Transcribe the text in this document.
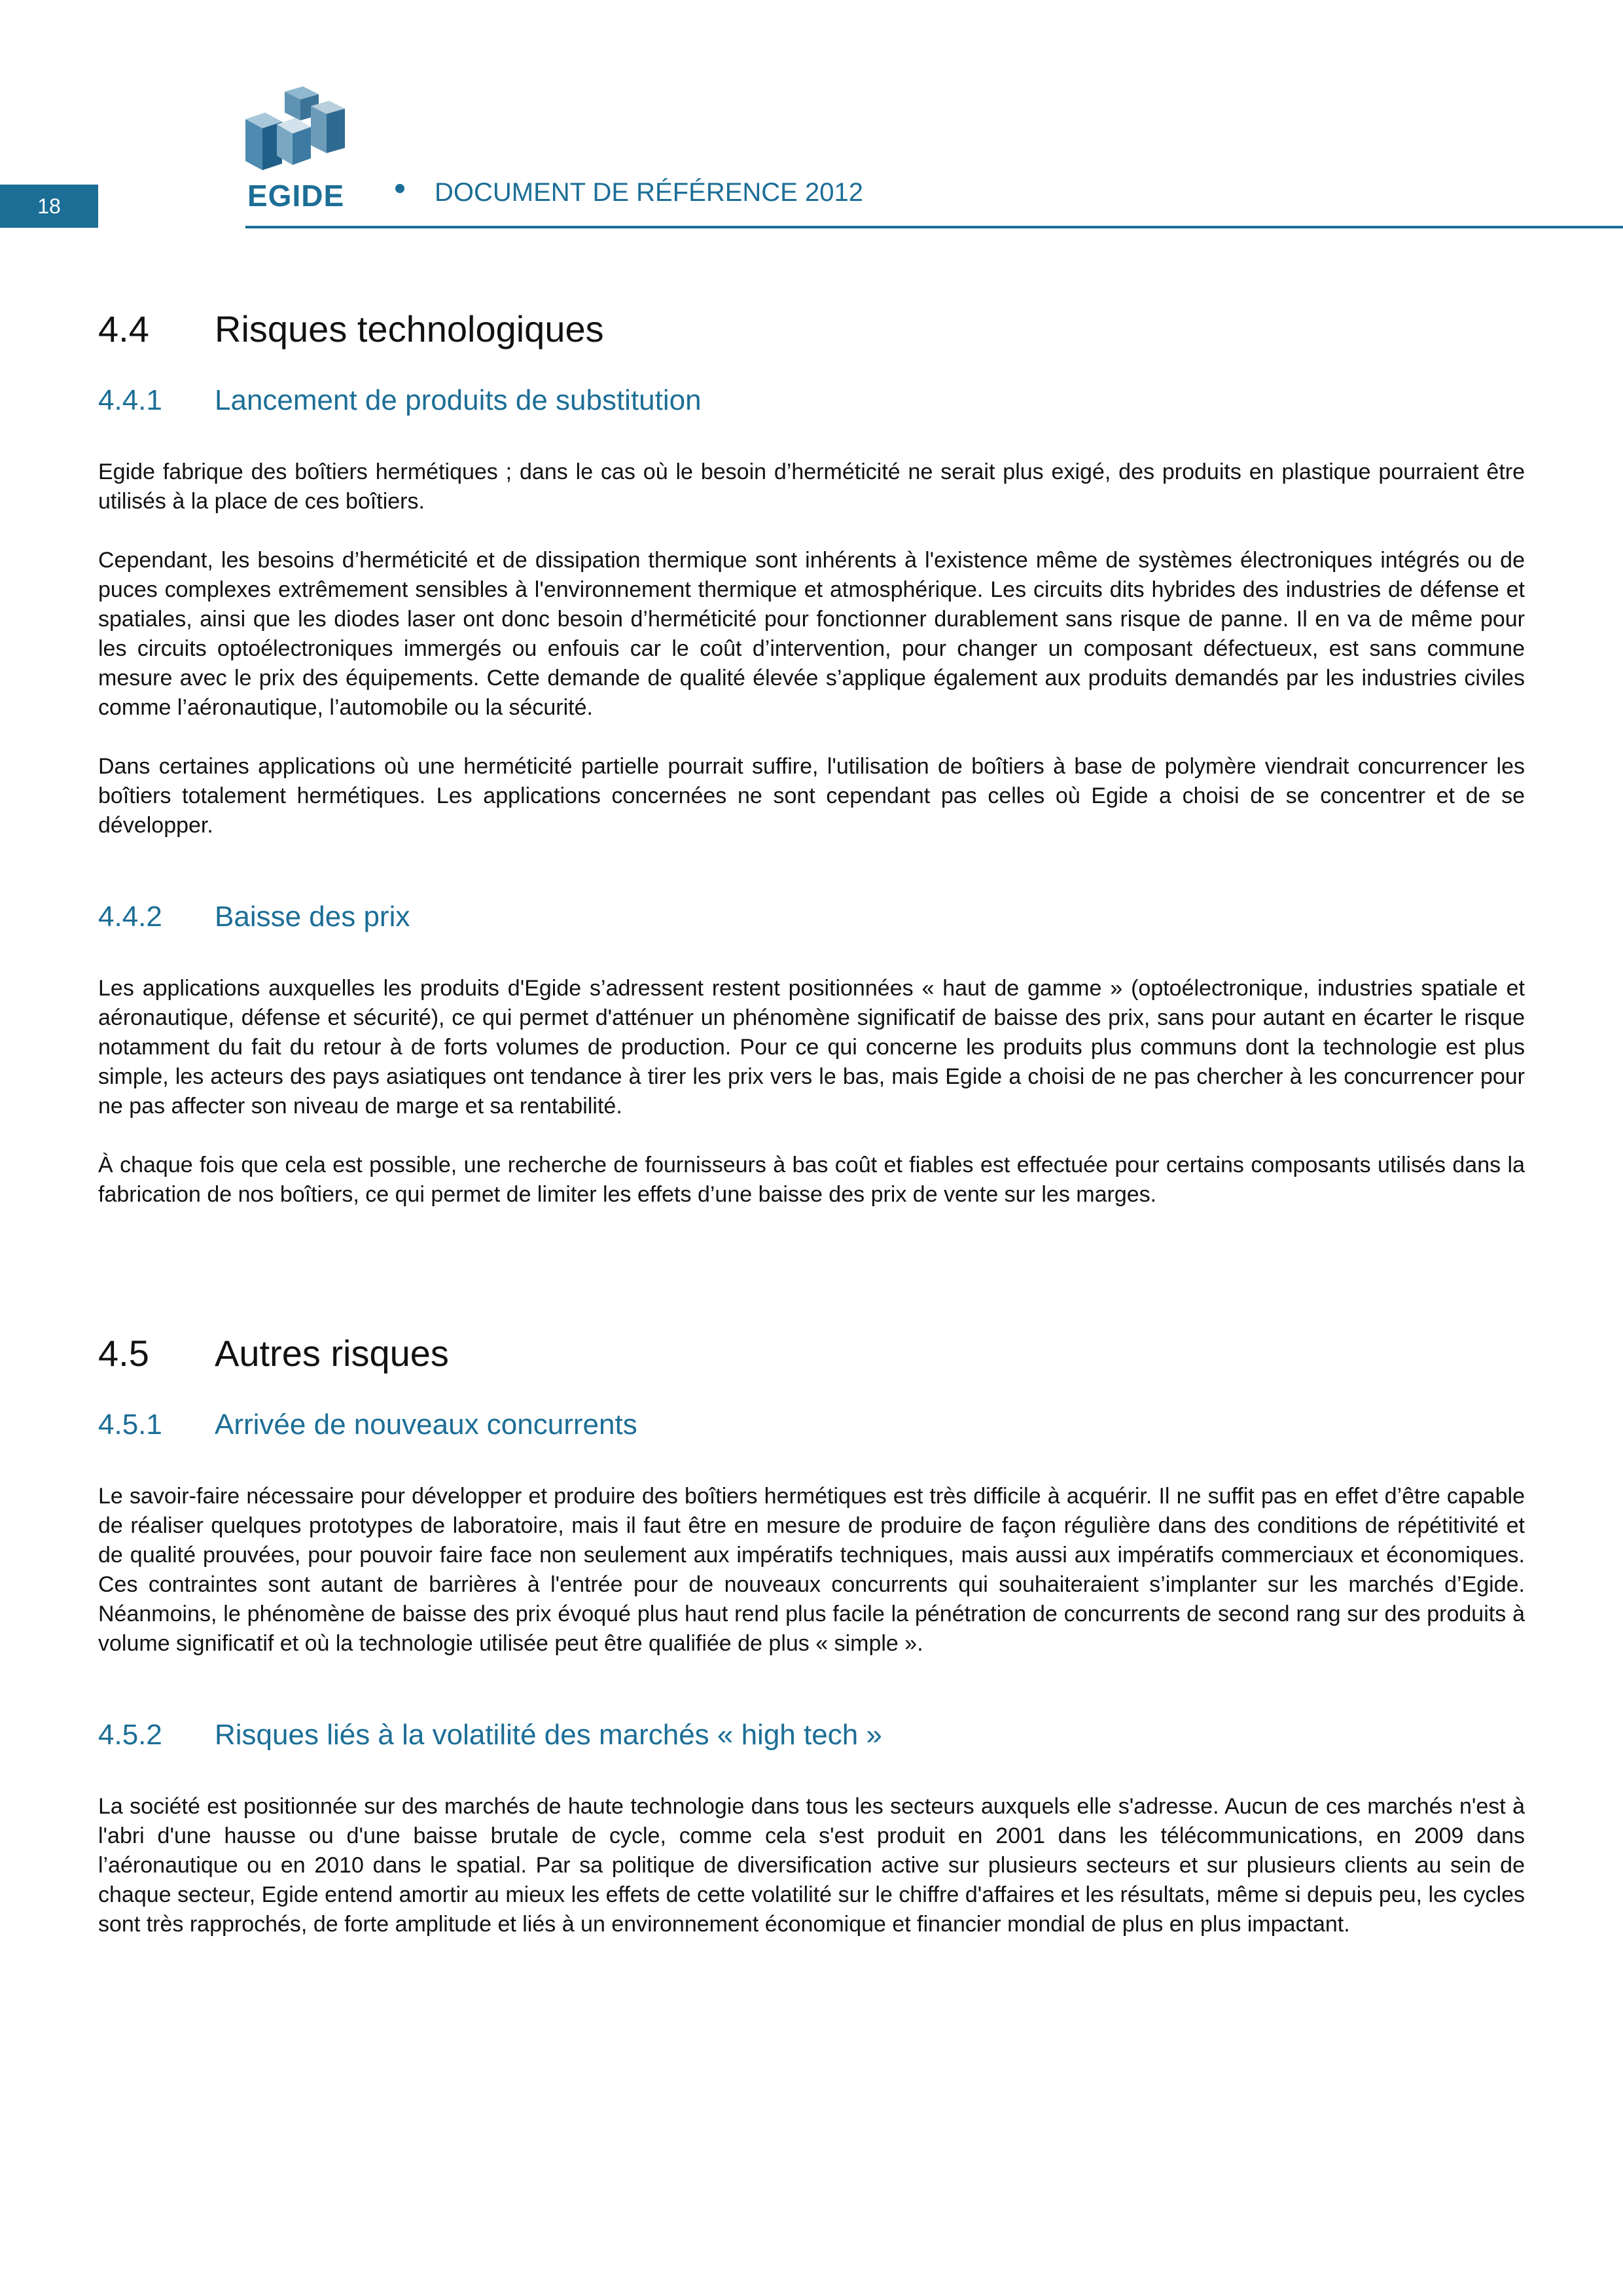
18	EGIDE	DOCUMENT DE RÉFÉRENCE 2012
4.4	Risques technologiques
4.4.1	Lancement de produits de substitution

Egide fabrique des boîtiers hermétiques ; dans le cas où le besoin d’herméticité ne serait plus exigé, des produits en plastique pourraient être utilisés à la place de ces boîtiers.

Cependant, les besoins d’herméticité et de dissipation thermique sont inhérents à l'existence même de systèmes électroniques intégrés ou de puces complexes extrêmement sensibles à l'environnement thermique et atmosphérique. Les circuits dits hybrides des industries de défense et spatiales, ainsi que les diodes laser ont donc besoin d’herméticité pour fonctionner durablement sans risque de panne. Il en va de même pour les circuits optoélectroniques immergés ou enfouis car le coût d’intervention, pour changer un composant défectueux, est sans commune mesure avec le prix des équipements. Cette demande de qualité élevée s’applique également aux produits demandés par les industries civiles comme l’aéronautique, l’automobile ou la sécurité.

Dans certaines applications où une herméticité partielle pourrait suffire, l'utilisation de boîtiers à base de polymère viendrait concurrencer les boîtiers totalement hermétiques. Les applications concernées ne sont cependant pas celles où Egide a choisi de se concentrer et de se développer.

4.4.2	Baisse des prix

Les applications auxquelles les produits d'Egide s’adressent restent positionnées « haut de gamme » (optoélectronique, industries spatiale et aéronautique, défense et sécurité), ce qui permet d'atténuer un phénomène significatif de baisse des prix, sans pour autant en écarter le risque notamment du fait du retour à de forts volumes de production. Pour ce qui concerne les produits plus communs dont la technologie est plus simple, les acteurs des pays asiatiques ont tendance à tirer les prix vers le bas, mais Egide a choisi de ne pas chercher à les concurrencer pour ne pas affecter son niveau de marge et sa rentabilité.

À chaque fois que cela est possible, une recherche de fournisseurs à bas coût et fiables est effectuée pour certains composants utilisés dans la fabrication de nos boîtiers, ce qui permet de limiter les effets d’une baisse des prix de vente sur les marges.

4.5	Autres risques
4.5.1	Arrivée de nouveaux concurrents

Le savoir-faire nécessaire pour développer et produire des boîtiers hermétiques est très difficile à acquérir. Il ne suffit pas en effet d’être capable de réaliser quelques prototypes de laboratoire, mais il faut être en mesure de produire de façon régulière dans des conditions de répétitivité et de qualité prouvées, pour pouvoir faire face non seulement aux impératifs techniques, mais aussi aux impératifs commerciaux et économiques. Ces contraintes sont autant de barrières à l'entrée pour de nouveaux concurrents qui souhaiteraient s’implanter sur les marchés d’Egide. Néanmoins, le phénomène de baisse des prix évoqué plus haut rend plus facile la pénétration de concurrents de second rang sur des produits à volume significatif et où la technologie utilisée peut être qualifiée de plus « simple ».

4.5.2	Risques liés à la volatilité des marchés « high tech »

La société est positionnée sur des marchés de haute technologie dans tous les secteurs auxquels elle s'adresse. Aucun de ces marchés n'est à l'abri d'une hausse ou d'une baisse brutale de cycle, comme cela s'est produit en 2001 dans les télécommunications, en 2009 dans l’aéronautique ou en 2010 dans le spatial. Par sa politique de diversification active sur plusieurs secteurs et sur plusieurs clients au sein de chaque secteur, Egide entend amortir au mieux les effets de cette volatilité sur le chiffre d'affaires et les résultats, même si depuis peu, les cycles sont très rapprochés, de forte amplitude et liés à un environnement économique et financier mondial de plus en plus impactant.
